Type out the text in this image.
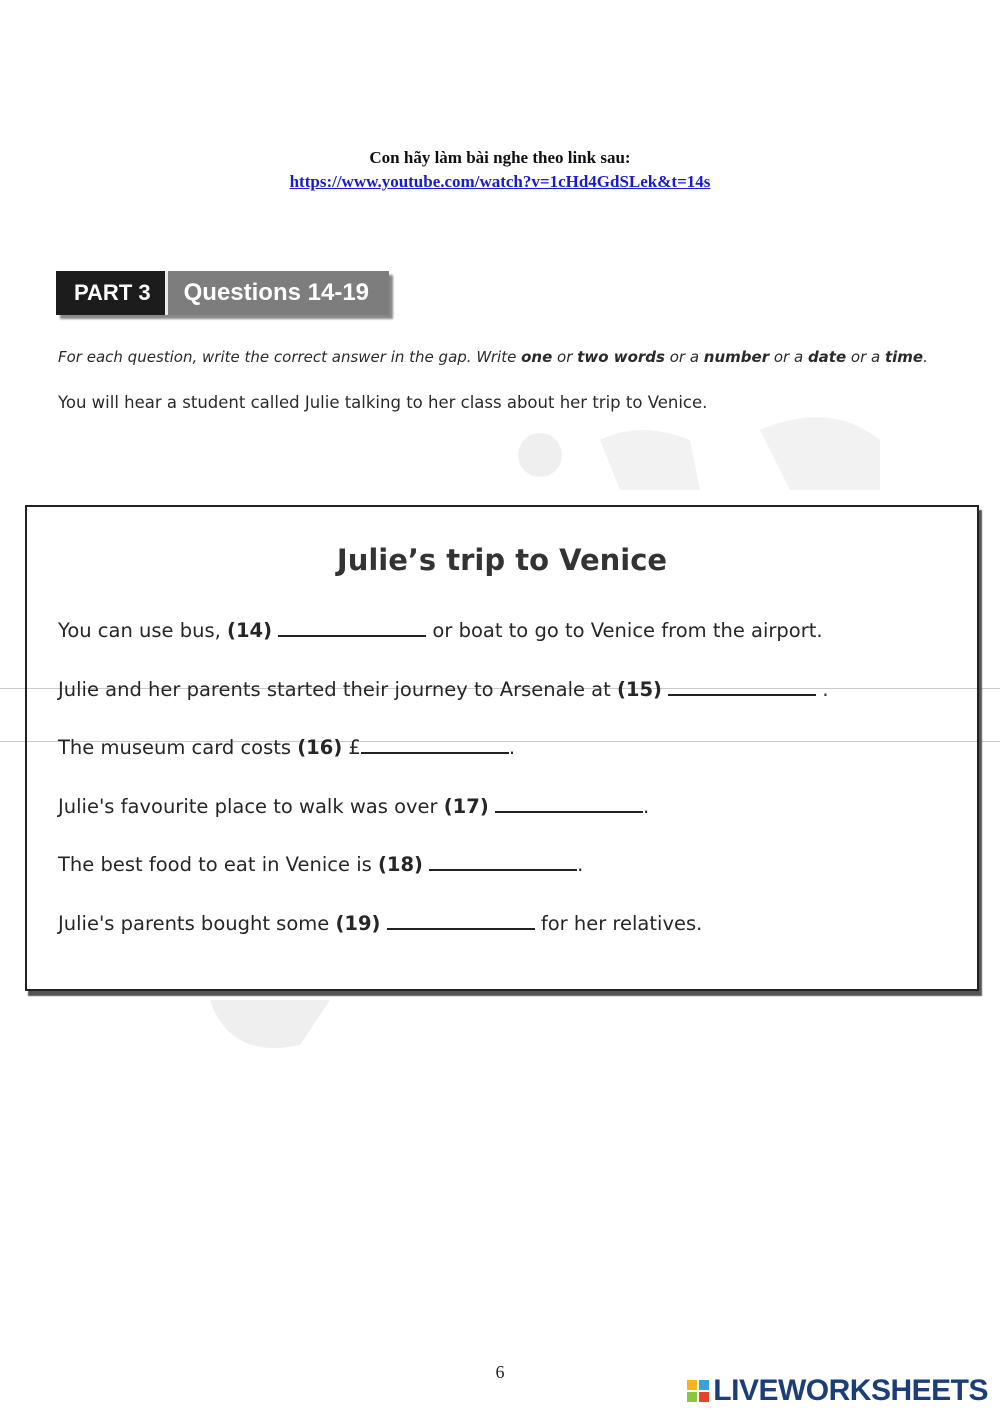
Con hãy làm bài nghe theo link sau:
https://www.youtube.com/watch?v=1cHd4GdSLek&t=14s
PART 3	Questions 14-19
For each question, write the correct answer in the gap. Write one or two words or a number or a date or a time.
You will hear a student called Julie talking to her class about her trip to Venice.
Julie’s trip to Venice
You can use bus, (14)	or boat to go to Venice from the airport.
Julie and her parents started their journey to Arsenale at (15)	.
The museum card costs (16) £	.
Julie's favourite place to walk was over (17)	.
The best food to eat in Venice is (18)	.
Julie's parents bought some (19)	for her relatives.
6
LIVEWORKSHEETS
